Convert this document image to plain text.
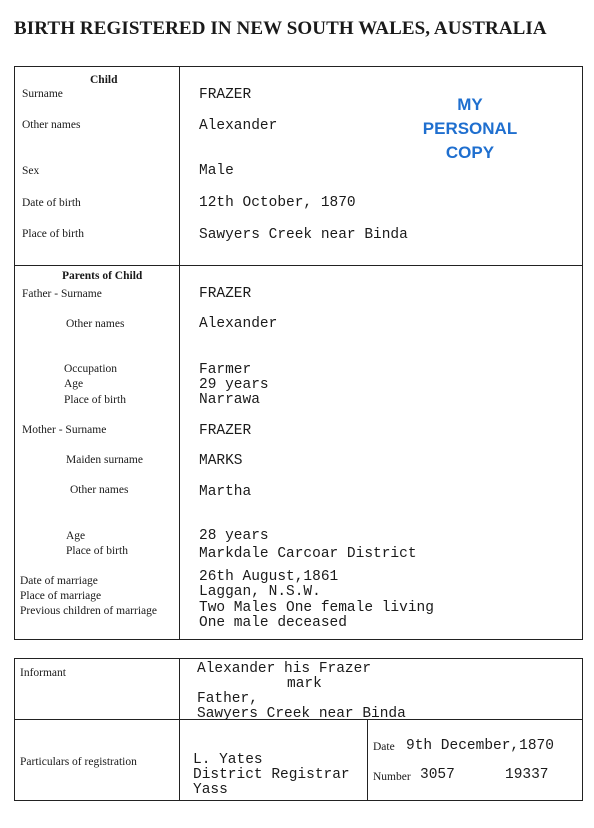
BIRTH REGISTERED IN NEW SOUTH WALES, AUSTRALIA
MY
PERSONAL
COPY
Child
Surname	FRAZER
Other names	Alexander
Sex	Male
Date of birth	12th October, 1870
Place of birth	Sawyers Creek near Binda
Parents of Child
Father - Surname	FRAZER
Other names	Alexander
Occupation	Farmer
Age	29 years
Place of birth	Narrawa
Mother - Surname	FRAZER
Maiden surname	MARKS
Other names	Martha
Age	28 years
Place of birth	Markdale Carcoar District
Date of marriage	26th August,1861
Place of marriage	Laggan, N.S.W.
Previous children of marriage	Two Males One female living
One male deceased
Informant	Alexander his Frazer
mark
Father,
Sawyers Creek near Binda
Particulars of registration	L. Yates
District Registrar
Yass
Date 9th December,1870
Number 3057	19337
